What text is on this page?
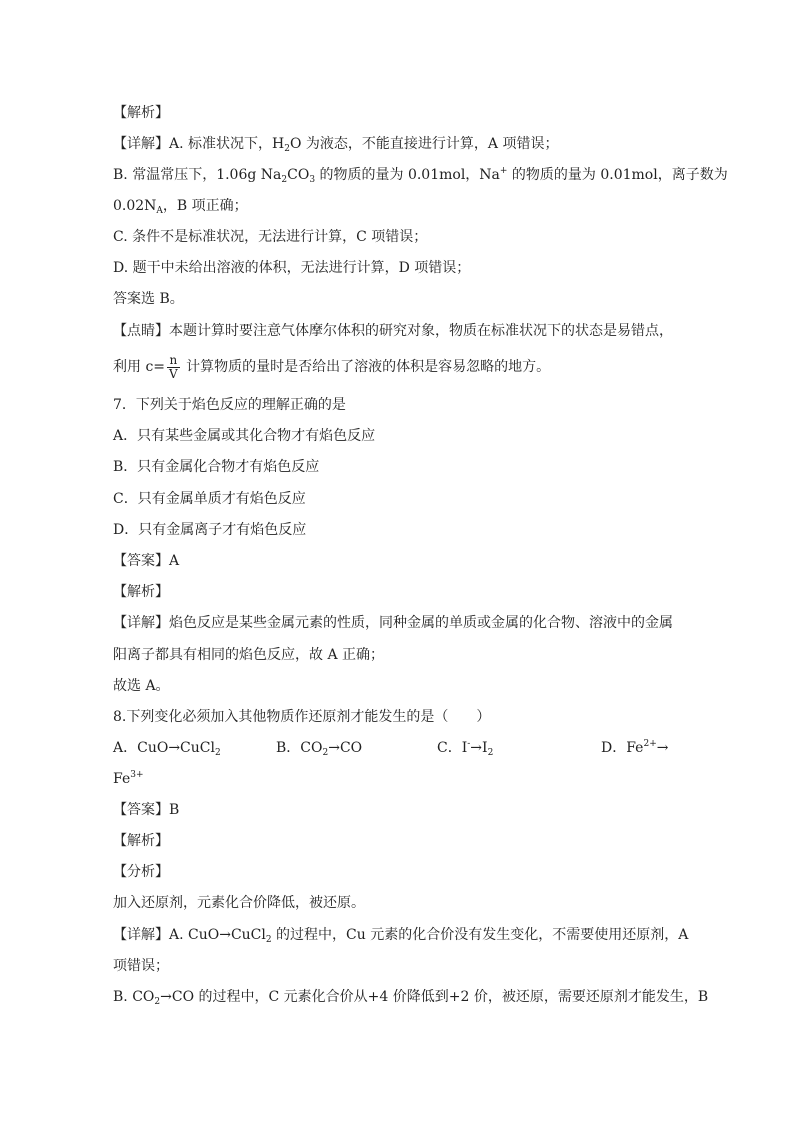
【解析】
【详解】A. 标准状况下，$H_2O$ 为液态，不能直接进行计算，A 项错误；
B. 常温常压下，1.06g $Na_2CO_3$ 的物质的量为 0.01mol，Na+ 的物质的量为 0.01mol，离子数为
$0.02N_A$，B 项正确；
C. 条件不是标准状况，无法进行计算，C 项错误；
D. 题干中未给出溶液的体积，无法进行计算，D 项错误；
答案选 B。
【点睛】本题计算时要注意气体摩尔体积的研究对象，物质在标准状况下的状态是易错点，
利用 $c= \frac{n}{V}$ 计算物质的量时是否给出了溶液的体积是容易忽略的地方。
7．下列关于焰色反应的理解正确的是
A．只有某些金属或其化合物才有焰色反应
B．只有金属化合物才有焰色反应
C．只有金属单质才有焰色反应
D．只有金属离子才有焰色反应
【答案】A
【解析】
【详解】焰色反应是某些金属元素的性质，同种金属的单质或金属的化合物、溶液中的金属
阳离子都具有相同的焰色反应，故 A 正确；
故选 A。
8.下列变化必须加入其他物质作还原剂才能发生的是（　　）
A．CuO→CuCl$_2$	B．$CO_2\to CO$	C．$I^-\to I_2$	D．$Fe^{2+}\to$
$Fe^{3+}$
【答案】B
【解析】
【分析】
加入还原剂，元素化合价降低，被还原。
【详解】A. CuO→CuCl$_2$ 的过程中，Cu 元素的化合价没有发生变化，不需要使用还原剂，A
项错误；
B. $CO_2\to CO$ 的过程中，C 元素化合价从+4 价降低到+2 价，被还原，需要还原剂才能发生，B
